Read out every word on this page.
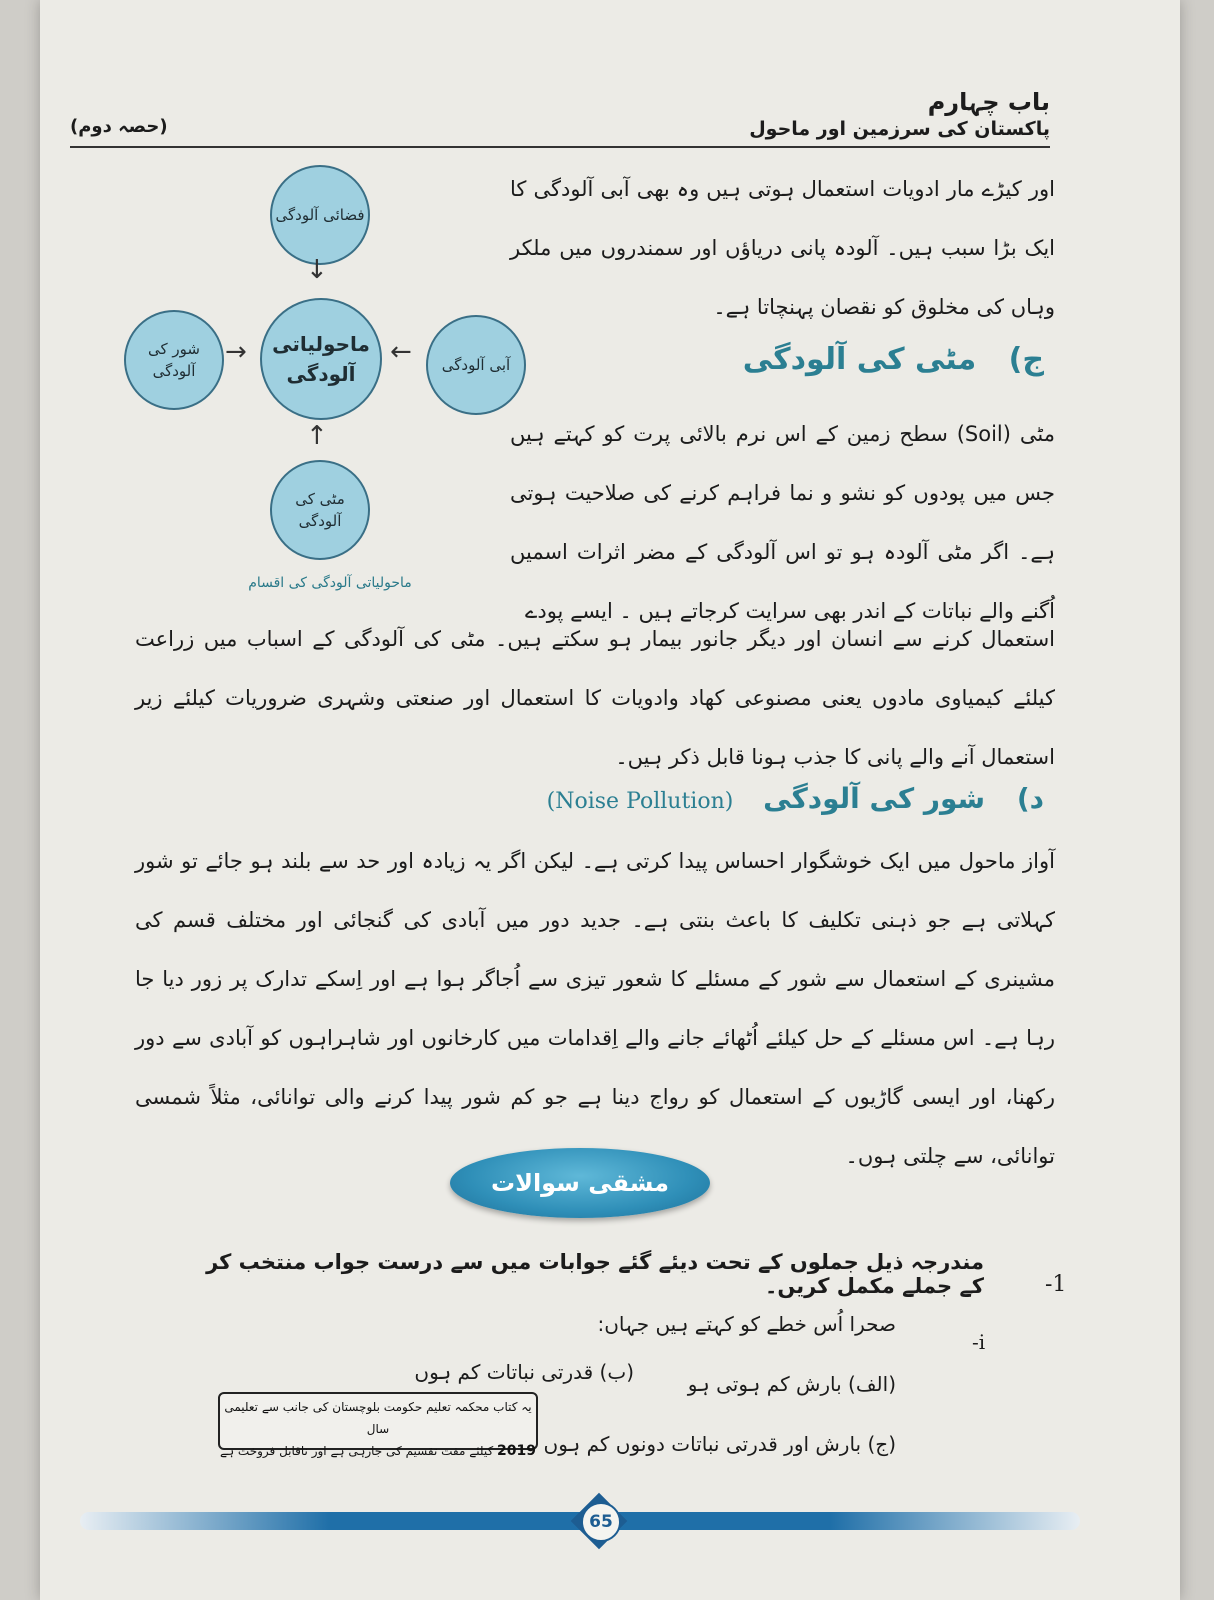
باب چہارم
پاکستان کی سرزمین اور ماحول
(حصہ دوم)
فضائی آلودگی
ماحولیاتی آلودگی
شور کی آلودگی	آبی آلودگی
مٹی کی آلودگی
↓
→	←
↑
ماحولیاتی آلودگی کی اقسام
اور کیڑے مار ادویات استعمال ہوتی ہیں وہ بھی آبی آلودگی کا ایک بڑا سبب ہیں۔ آلودہ پانی دریاؤں اور سمندروں میں ملکر وہاں کی مخلوق کو نقصان پہنچاتا ہے۔
ج) مٹی کی آلودگی
مٹی (Soil) سطح زمین کے اس نرم بالائی پرت کو کہتے ہیں جس میں پودوں کو نشو و نما فراہم کرنے کی صلاحیت ہوتی ہے۔ اگر مٹی آلودہ ہو تو اس آلودگی کے مضر اثرات اسمیں اُگنے والے نباتات کے اندر بھی سرایت کرجاتے ہیں ۔ ایسے پودے
استعمال کرنے سے انسان اور دیگر جانور بیمار ہو سکتے ہیں۔ مٹی کی آلودگی کے اسباب میں زراعت کیلئے کیمیاوی مادوں یعنی مصنوعی کھاد وادویات کا استعمال اور صنعتی وشہری ضروریات کیلئے زیر استعمال آنے والے پانی کا جذب ہونا قابل ذکر ہیں۔
د) شور کی آلودگی (Noise Pollution)
آواز ماحول میں ایک خوشگوار احساس پیدا کرتی ہے۔ لیکن اگر یہ زیادہ اور حد سے بلند ہو جائے تو شور کہلاتی ہے جو ذہنی تکلیف کا باعث بنتی ہے۔ جدید دور میں آبادی کی گنجائی اور مختلف قسم کی مشینری کے استعمال سے شور کے مسئلے کا شعور تیزی سے اُجاگر ہوا ہے اور اِسکے تدارک پر زور دیا جا رہا ہے۔ اس مسئلے کے حل کیلئے اُٹھائے جانے والے اِقدامات میں کارخانوں اور شاہراہوں کو آبادی سے دور رکھنا، اور ایسی گاڑیوں کے استعمال کو رواج دینا ہے جو کم شور پیدا کرنے والی توانائی، مثلاً شمسی توانائی، سے چلتی ہوں۔
مشقی سوالات
-1
مندرجہ ذیل جملوں کے تحت دیئے گئے جوابات میں سے درست جواب منتخب کر کے جملے مکمل کریں۔
-i
صحرا اُس خطے کو کہتے ہیں جہاں:
(الف) بارش کم ہوتی ہو
(ب) قدرتی نباتات کم ہوں
(ج) بارش اور قدرتی نباتات دونوں کم ہوں
یہ کتاب محکمہ تعلیم حکومت بلوچستان کی جانب سے تعلیمی سال
2019 کیلئے مفت تقسیم کی جارہی ہے اور ناقابل فروخت ہے
65
